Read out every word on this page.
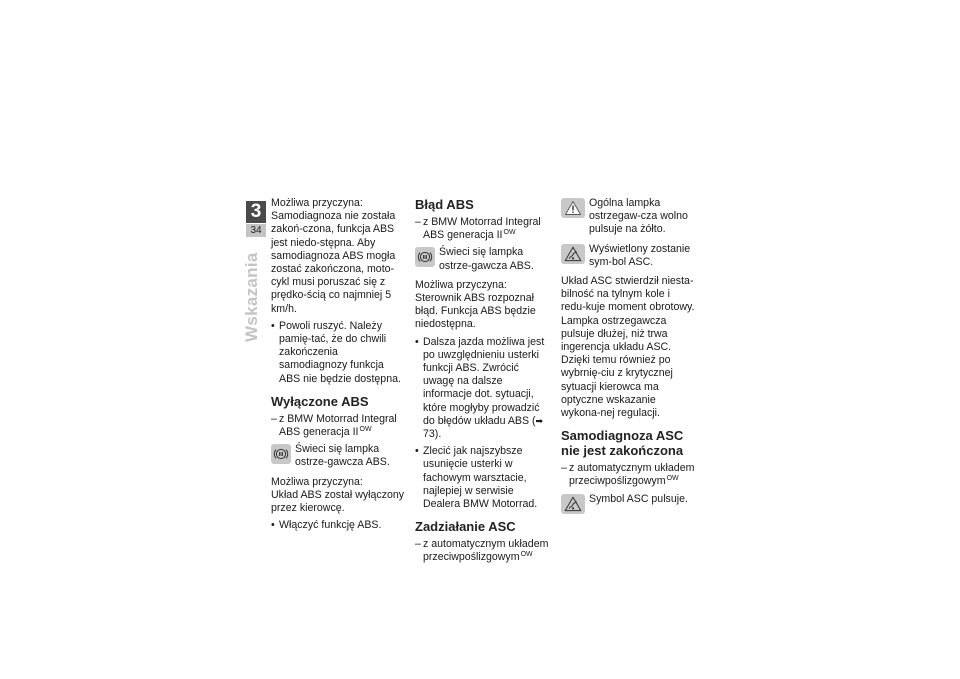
3
34
Wskazania

Możliwa przyczyna:

Samodiagnoza nie została zakoń-czona, funkcja ABS jest niedo-stępna. Aby samodiagnoza ABS mogła zostać zakończona, moto-cykl musi poruszać się z prędko-ścią co najmniej 5 km/h.

• Powoli ruszyć. Należy pamię-tać, że do chwili zakończenia samodiagnozy funkcja ABS nie będzie dostępna.
Wyłączone ABS
– z BMW Motorrad Integral ABS generacja $II^{OW}$
Świeci się lampka ostrze-gawcza ABS.

Możliwa przyczyna:

Układ ABS został wyłączony przez kierowcę.

• Włączyć funkcję ABS.
Błąd ABS
– z BMW Motorrad Integral ABS generacja $II^{OW}$
Świeci się lampka ostrze-gawcza ABS.

Możliwa przyczyna:

Sterownik ABS rozpoznał błąd. Funkcja ABS będzie niedostępna.

• Dalsza jazda możliwa jest po uwzględnieniu usterki funkcji ABS. Zwrócić uwagę na dalsze informacje dot. sytuacji, które mogłyby prowadzić do błędów układu ABS (➡ 73).
• Zlecić jak najszybsze usunięcie usterki w fachowym warsztacie, najlepiej w serwisie Dealera BMW Motorrad.
Zadziałanie ASC
– z automatycznym układem przeciwpoślizgowym$^{OW}$
Ogólna lampka ostrzegaw-cza wolno pulsuje na żółto.
Wyświetlony zostanie sym-bol ASC.

Układ ASC stwierdził niesta-bilność na tylnym kole i redu-kuje moment obrotowy. Lampka ostrzegawcza pulsuje dłużej, niż trwa ingerencja układu ASC. Dzięki temu również po wybrnię-ciu z krytycznej sytuacji kierowca ma optyczne wskazanie wykona-nej regulacji.

Samodiagnoza ASC nie jest zakończona
– z automatycznym układem przeciwpoślizgowym$^{OW}$
Symbol ASC pulsuje.
